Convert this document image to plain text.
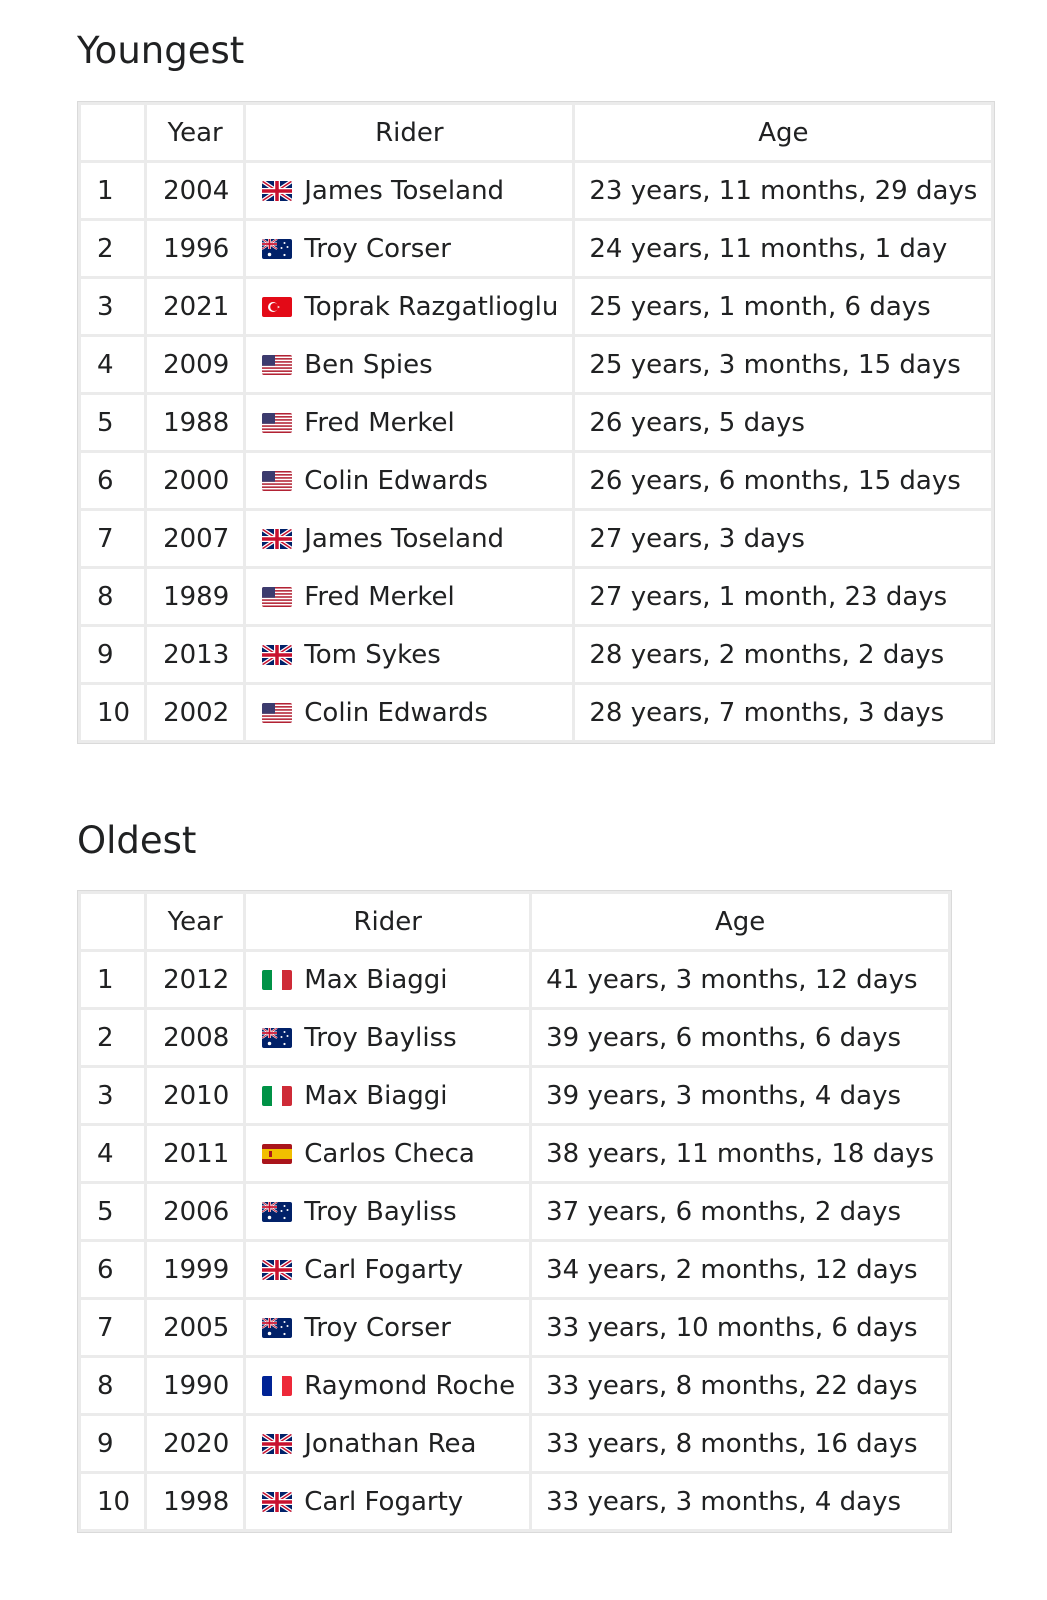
Youngest
	Year	Rider	Age
1	2004	James Toseland	23 years, 11 months, 29 days
2	1996	Troy Corser	24 years, 11 months, 1 day
3	2021	Toprak Razgatlioglu	25 years, 1 month, 6 days
4	2009	Ben Spies	25 years, 3 months, 15 days
5	1988	Fred Merkel	26 years, 5 days
6	2000	Colin Edwards	26 years, 6 months, 15 days
7	2007	James Toseland	27 years, 3 days
8	1989	Fred Merkel	27 years, 1 month, 23 days
9	2013	Tom Sykes	28 years, 2 months, 2 days
10	2002	Colin Edwards	28 years, 7 months, 3 days
Oldest
	Year	Rider	Age
1	2012	Max Biaggi	41 years, 3 months, 12 days
2	2008	Troy Bayliss	39 years, 6 months, 6 days
3	2010	Max Biaggi	39 years, 3 months, 4 days
4	2011	Carlos Checa	38 years, 11 months, 18 days
5	2006	Troy Bayliss	37 years, 6 months, 2 days
6	1999	Carl Fogarty	34 years, 2 months, 12 days
7	2005	Troy Corser	33 years, 10 months, 6 days
8	1990	Raymond Roche	33 years, 8 months, 22 days
9	2020	Jonathan Rea	33 years, 8 months, 16 days
10	1998	Carl Fogarty	33 years, 3 months, 4 days
